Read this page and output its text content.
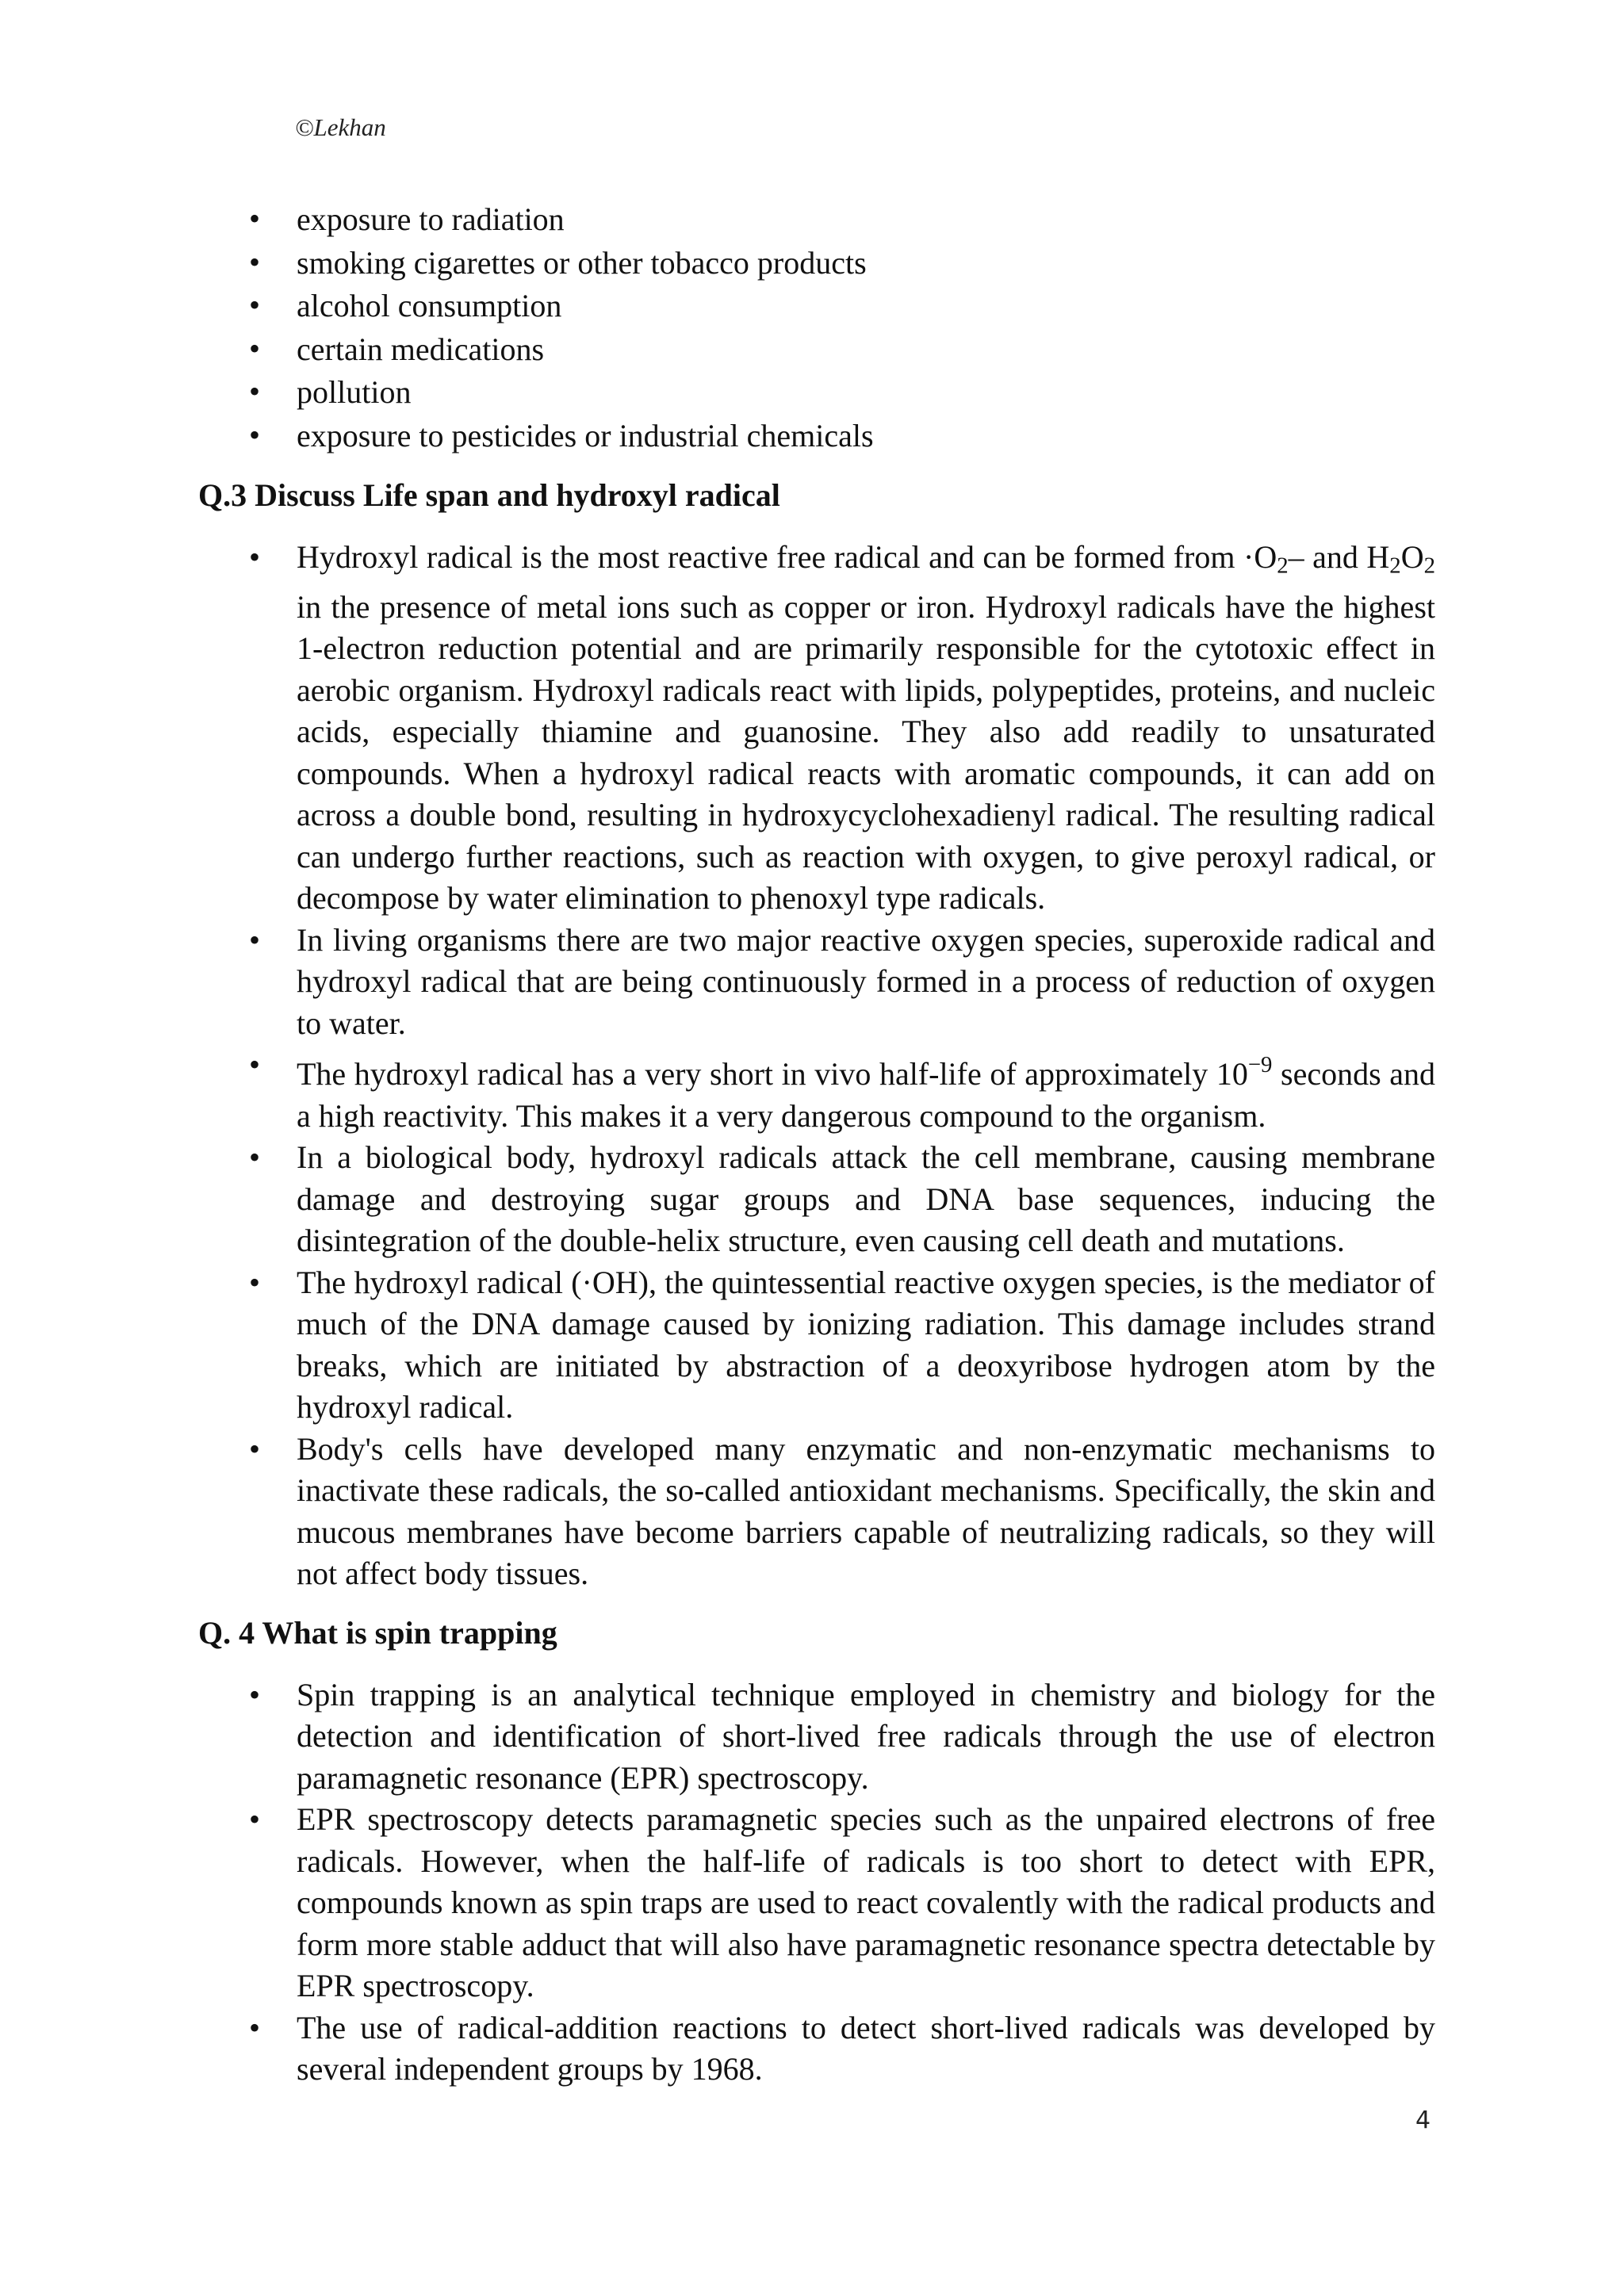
©Lekhan
• exposure to radiation
• smoking cigarettes or other tobacco products
• alcohol consumption
• certain medications
• pollution
• exposure to pesticides or industrial chemicals
Q.3 Discuss Life span and hydroxyl radical
• Hydroxyl radical is the most reactive free radical and can be formed from $\cdot O_2-$ and $H_2O_2$ in the presence of metal ions such as copper or iron. Hydroxyl radicals have the highest 1-electron reduction potential and are primarily responsible for the cytotoxic effect in aerobic organism. Hydroxyl radicals react with lipids, polypeptides, proteins, and nucleic acids, especially thiamine and guanosine. They also add readily to unsaturated compounds. When a hydroxyl radical reacts with aromatic compounds, it can add on across a double bond, resulting in hydroxycyclohexadienyl radical. The resulting radical can undergo further reactions, such as reaction with oxygen, to give peroxyl radical, or decompose by water elimination to phenoxyl type radicals.
• In living organisms there are two major reactive oxygen species, superoxide radical and hydroxyl radical that are being continuously formed in a process of reduction of oxygen to water.
• The hydroxyl radical has a very short in vivo half-life of approximately $10^{-9}$ seconds and a high reactivity. This makes it a very dangerous compound to the organism.
• In a biological body, hydroxyl radicals attack the cell membrane, causing membrane damage and destroying sugar groups and DNA base sequences, inducing the disintegration of the double-helix structure, even causing cell death and mutations.
• The hydroxyl radical (·OH), the quintessential reactive oxygen species, is the mediator of much of the DNA damage caused by ionizing radiation. This damage includes strand breaks, which are initiated by abstraction of a deoxyribose hydrogen atom by the hydroxyl radical.
• Body's cells have developed many enzymatic and non-enzymatic mechanisms to inactivate these radicals, the so-called antioxidant mechanisms. Specifically, the skin and mucous membranes have become barriers capable of neutralizing radicals, so they will not affect body tissues.
Q. 4 What is spin trapping
• Spin trapping is an analytical technique employed in chemistry and biology for the detection and identification of short-lived free radicals through the use of electron paramagnetic resonance (EPR) spectroscopy.
• EPR spectroscopy detects paramagnetic species such as the unpaired electrons of free radicals. However, when the half-life of radicals is too short to detect with EPR, compounds known as spin traps are used to react covalently with the radical products and form more stable adduct that will also have paramagnetic resonance spectra detectable by EPR spectroscopy.
• The use of radical-addition reactions to detect short-lived radicals was developed by several independent groups by 1968.
4
